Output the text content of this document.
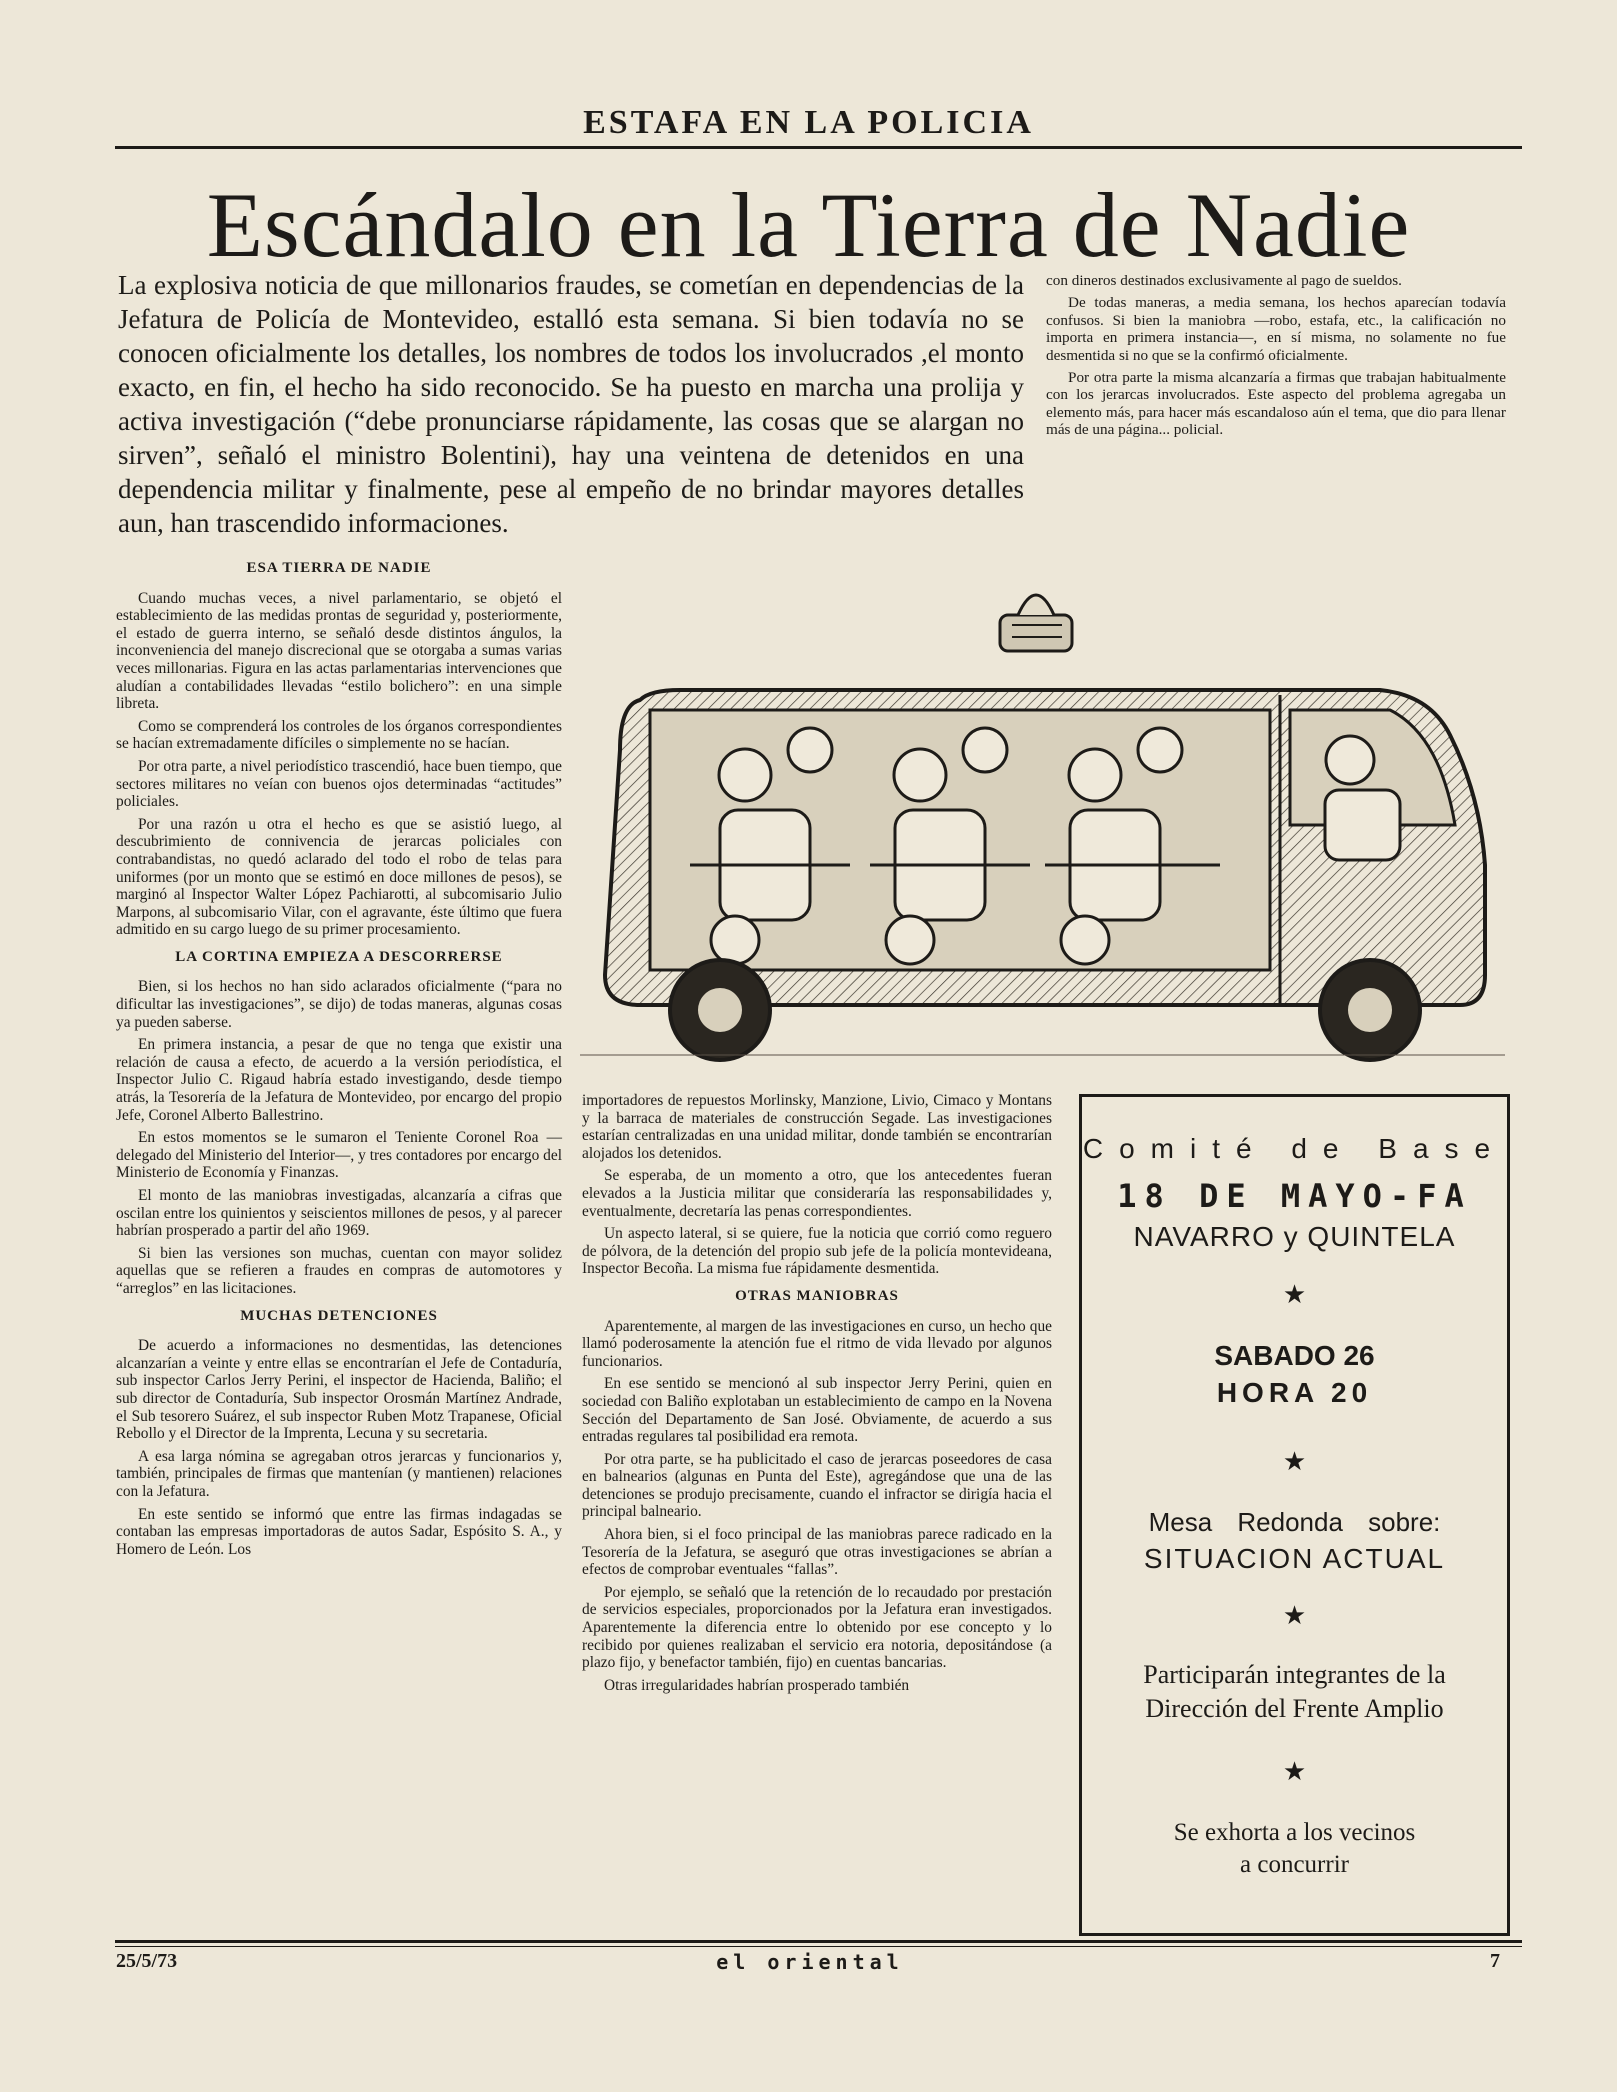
ESTAFA EN LA POLICIA
Escándalo en la Tierra de Nadie
La explosiva noticia de que millonarios fraudes, se cometían en dependencias de la Jefatura de Policía de Montevideo, estalló esta semana. Si bien todavía no se conocen oficialmente los detalles, los nombres de todos los involucrados ,el monto exacto, en fin, el hecho ha sido reconocido. Se ha puesto en marcha una prolija y activa investigación (“debe pronunciarse rápidamente, las cosas que se alargan no sirven”, señaló el ministro Bolentini), hay una veintena de detenidos en una dependencia militar y finalmente, pese al empeño de no brindar mayores detalles aun, han trascendido informaciones.

con dineros destinados exclusivamente al pago de sueldos.

De todas maneras, a media semana, los hechos aparecían todavía confusos. Si bien la maniobra —robo, estafa, etc., la calificación no importa en primera instancia—, en sí misma, no solamente no fue desmentida si no que se la confirmó oficialmente.

Por otra parte la misma alcanzaría a firmas que trabajan habitualmente con los jerarcas involucrados. Este aspecto del problema agregaba un elemento más, para hacer más escandaloso aún el tema, que dio para llenar más de una página... policial.

ESA TIERRA DE NADIE

Cuando muchas veces, a nivel parlamentario, se objetó el establecimiento de las medidas prontas de seguridad y, posteriormente, el estado de guerra interno, se señaló desde distintos ángulos, la inconveniencia del manejo discrecional que se otorgaba a sumas varias veces millonarias. Figura en las actas parlamentarias intervenciones que aludían a contabilidades llevadas “estilo bolichero”: en una simple libreta.

Como se comprenderá los controles de los órganos correspondientes se hacían extremadamente difíciles o simplemente no se hacían.

Por otra parte, a nivel periodístico trascendió, hace buen tiempo, que sectores militares no veían con buenos ojos determinadas “actitudes” policiales.

Por una razón u otra el hecho es que se asistió luego, al descubrimiento de connivencia de jerarcas policiales con contrabandistas, no quedó aclarado del todo el robo de telas para uniformes (por un monto que se estimó en doce millones de pesos), se marginó al Inspector Walter López Pachiarotti, al subcomisario Julio Marpons, al subcomisario Vilar, con el agravante, éste último que fuera admitido en su cargo luego de su primer procesamiento.

LA CORTINA EMPIEZA A DESCORRERSE

Bien, si los hechos no han sido aclarados oficialmente (“para no dificultar las investigaciones”, se dijo) de todas maneras, algunas cosas ya pueden saberse.

En primera instancia, a pesar de que no tenga que existir una relación de causa a efecto, de acuerdo a la versión periodística, el Inspector Julio C. Rigaud habría estado investigando, desde tiempo atrás, la Tesorería de la Jefatura de Montevideo, por encargo del propio Jefe, Coronel Alberto Ballestrino.

En estos momentos se le sumaron el Teniente Coronel Roa —delegado del Ministerio del Interior—, y tres contadores por encargo del Ministerio de Economía y Finanzas.

El monto de las maniobras investigadas, alcanzaría a cifras que oscilan entre los quinientos y seiscientos millones de pesos, y al parecer habrían prosperado a partir del año 1969.

Si bien las versiones son muchas, cuentan con mayor solidez aquellas que se refieren a fraudes en compras de automotores y “arreglos” en las licitaciones.

MUCHAS DETENCIONES

De acuerdo a informaciones no desmentidas, las detenciones alcanzarían a veinte y entre ellas se encontrarían el Jefe de Contaduría, sub inspector Carlos Jerry Perini, el inspector de Hacienda, Baliño; el sub director de Contaduría, Sub inspector Orosmán Martínez Andrade, el Sub tesorero Suárez, el sub inspector Ruben Motz Trapanese, Oficial Rebollo y el Director de la Imprenta, Lecuna y su secretaria.

A esa larga nómina se agregaban otros jerarcas y funcionarios y, también, principales de firmas que mantenían (y mantienen) relaciones con la Jefatura.

En este sentido se informó que entre las firmas indagadas se contaban las empresas importadoras de autos Sadar, Espósito S. A., y Homero de León. Los

importadores de repuestos Morlinsky, Manzione, Livio, Cimaco y Montans y la barraca de materiales de construcción Segade. Las investigaciones estarían centralizadas en una unidad militar, donde también se encontrarían alojados los detenidos.

Se esperaba, de un momento a otro, que los antecedentes fueran elevados a la Justicia militar que consideraría las responsabilidades y, eventualmente, decretaría las penas correspondientes.

Un aspecto lateral, si se quiere, fue la noticia que corrió como reguero de pólvora, de la detención del propio sub jefe de la policía montevideana, Inspector Becoña. La misma fue rápidamente desmentida.

OTRAS MANIOBRAS

Aparentemente, al margen de las investigaciones en curso, un hecho que llamó poderosamente la atención fue el ritmo de vida llevado por algunos funcionarios.

En ese sentido se mencionó al sub inspector Jerry Perini, quien en sociedad con Baliño explotaban un establecimiento de campo en la Novena Sección del Departamento de San José. Obviamente, de acuerdo a sus entradas regulares tal posibilidad era remota.

Por otra parte, se ha publicitado el caso de jerarcas poseedores de casa en balnearios (algunas en Punta del Este), agregándose que una de las detenciones se produjo precisamente, cuando el infractor se dirigía hacia el principal balneario.

Ahora bien, si el foco principal de las maniobras parece radicado en la Tesorería de la Jefatura, se aseguró que otras investigaciones se abrían a efectos de comprobar eventuales “fallas”.

Por ejemplo, se señaló que la retención de lo recaudado por prestación de servicios especiales, proporcionados por la Jefatura eran investigados. Aparentemente la diferencia entre lo obtenido por ese concepto y lo recibido por quienes realizaban el servicio era notoria, depositándose (a plazo fijo, y benefactor también, fijo) en cuentas bancarias.

Otras irregularidades habrían prosperado también

Comité de Base
18 DE MAYO-FA
NAVARRO y QUINTELA
★
SABADO 26
HORA 20
★
Mesa Redonda sobre:
SITUACION ACTUAL
★
Participarán integrantes de la
Dirección del Frente Amplio
★
Se exhorta a los vecinos
a concurrir
25/5/73	el oriental	7
